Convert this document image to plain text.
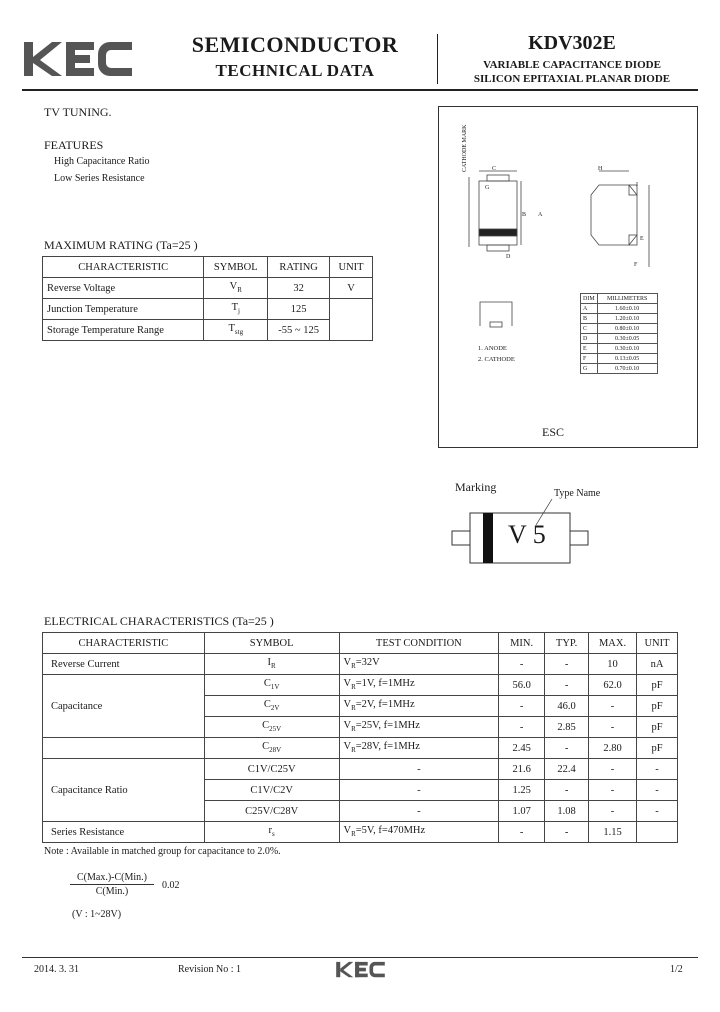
SEMICONDUCTOR
TECHNICAL DATA
KDV302E
VARIABLE CAPACITANCE DIODE
SILICON EPITAXIAL PLANAR DIODE
TV TUNING.
FEATURES
High Capacitance Ratio
Low Series Resistance
MAXIMUM RATING (Ta=25 )
CHARACTERISTIC	SYMBOL	RATING	UNIT
Reverse Voltage	$V_R$	32	V
Junction Temperature	$T_j$	125	
Storage Temperature Range	$T_{stg}$	-55 ~ 125	
CATHODE MARK	C
A
B
H
I
F
E
D
G
1. ANODE
2. CATHODE
DIM	MILLIMETERS
A	1.60±0.10
B	1.20±0.10
C	0.80±0.10
D	0.30±0.05
E	0.30±0.10
F	0.13±0.05
G	0.70±0.10
ESC
Marking	Type Name
V5
ELECTRICAL CHARACTERISTICS (Ta=25 )
CHARACTERISTIC	SYMBOL	TEST CONDITION	MIN.	TYP.	MAX.	UNIT
Reverse Current	$I_R$	$V_R=32V$	-	-	10	nA
Capacitance	$C_{1V}$	$V_R=1V$, f=1MHz	56.0	-	62.0	pF
	$C_{2V}$	$V_R=2V$, f=1MHz	-	46.0	-	pF
	$C_{25V}$	$V_R=25V$, f=1MHz	-	2.85	-	pF
	$C_{28V}$	$V_R=28V$, f=1MHz	2.45	-	2.80	pF
Capacitance Ratio	C1V/C25V	-	21.6	22.4	-	-
	C1V/C2V	-	1.25	-	-	-
	C25V/C28V	-	1.07	1.08	-	-
Series Resistance	$r_s$	$V_R=5V$, f=470MHz	-	-	1.15	
Note : Available in matched group for capacitance to 2.0%.
C(Max.)-C(Min.)
C(Min.)
0.02
(V : 1~28V)
2014. 3. 31	Revision No : 1	1/2
